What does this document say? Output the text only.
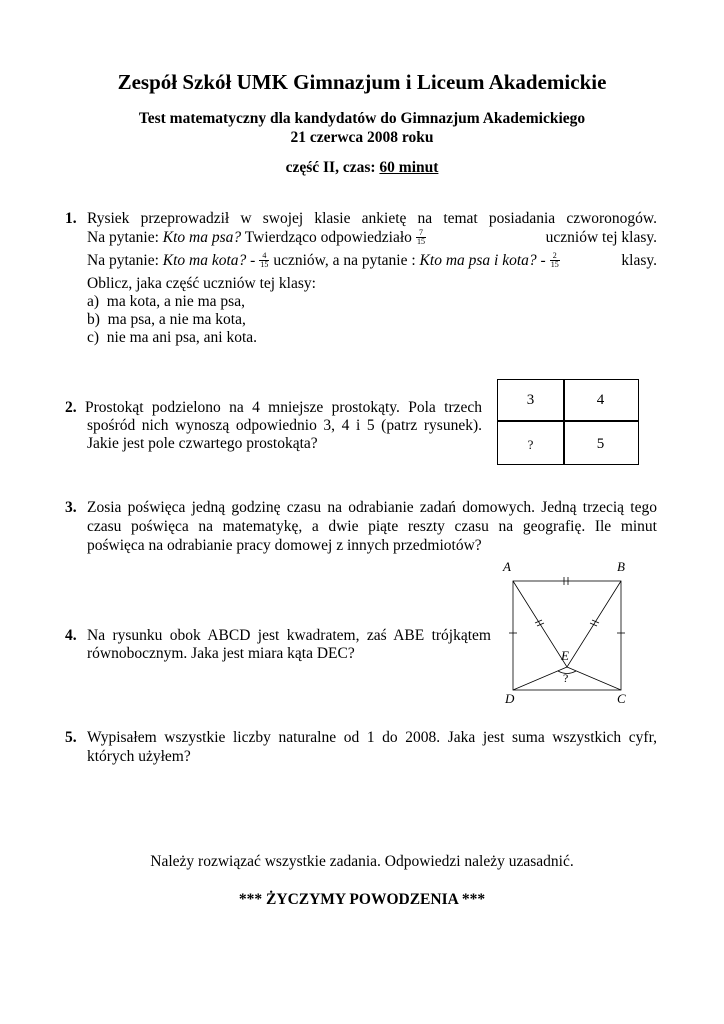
Zespół Szkół UMK Gimnazjum i Liceum Akademickie
Test matematyczny dla kandydatów do Gimnazjum Akademickiego
21 czerwca 2008 roku
część II, czas: 60 minut
1. Rysiek przeprowadził w swojej klasie ankietę na temat posiadania czworonogów.
Na pytanie: Kto ma psa? Twierdząco odpowiedziało $\frac{7}{15}$	uczniów tej klasy.
Na pytanie: Kto ma kota? - $\frac{4}{15}$ uczniów, a na pytanie : Kto ma psa i kota? - $\frac{2}{15}$	klasy.
Oblicz, jaka część uczniów tej klasy:
a)  ma kota, a nie ma psa,
b)  ma psa, a nie ma kota,
c)  nie ma ani psa, ani kota.
2. Prostokąt podzielono na 4 mniejsze prostokąty. Pola trzech
spośród nich wynoszą odpowiednio 3, 4 i 5 (patrz rysunek).
Jakie jest pole czwartego prostokąta?
3	4
?	5
3. Zosia poświęca jedną godzinę czasu na odrabianie zadań domowych. Jedną trzecią tego
czasu poświęca na matematykę, a dwie piąte reszty czasu na geografię. Ile minut
poświęca na odrabianie pracy domowej z innych przedmiotów?
4. Na rysunku obok ABCD jest kwadratem, zaś ABE trójkątem
równobocznym. Jaka jest miara kąta DEC?
A	B
D	C
E
?
5. Wypisałem wszystkie liczby naturalne od 1 do 2008. Jaka jest suma wszystkich cyfr,
których użyłem?
Należy rozwiązać wszystkie zadania. Odpowiedzi należy uzasadnić.
*** ŻYCZYMY POWODZENIA ***
